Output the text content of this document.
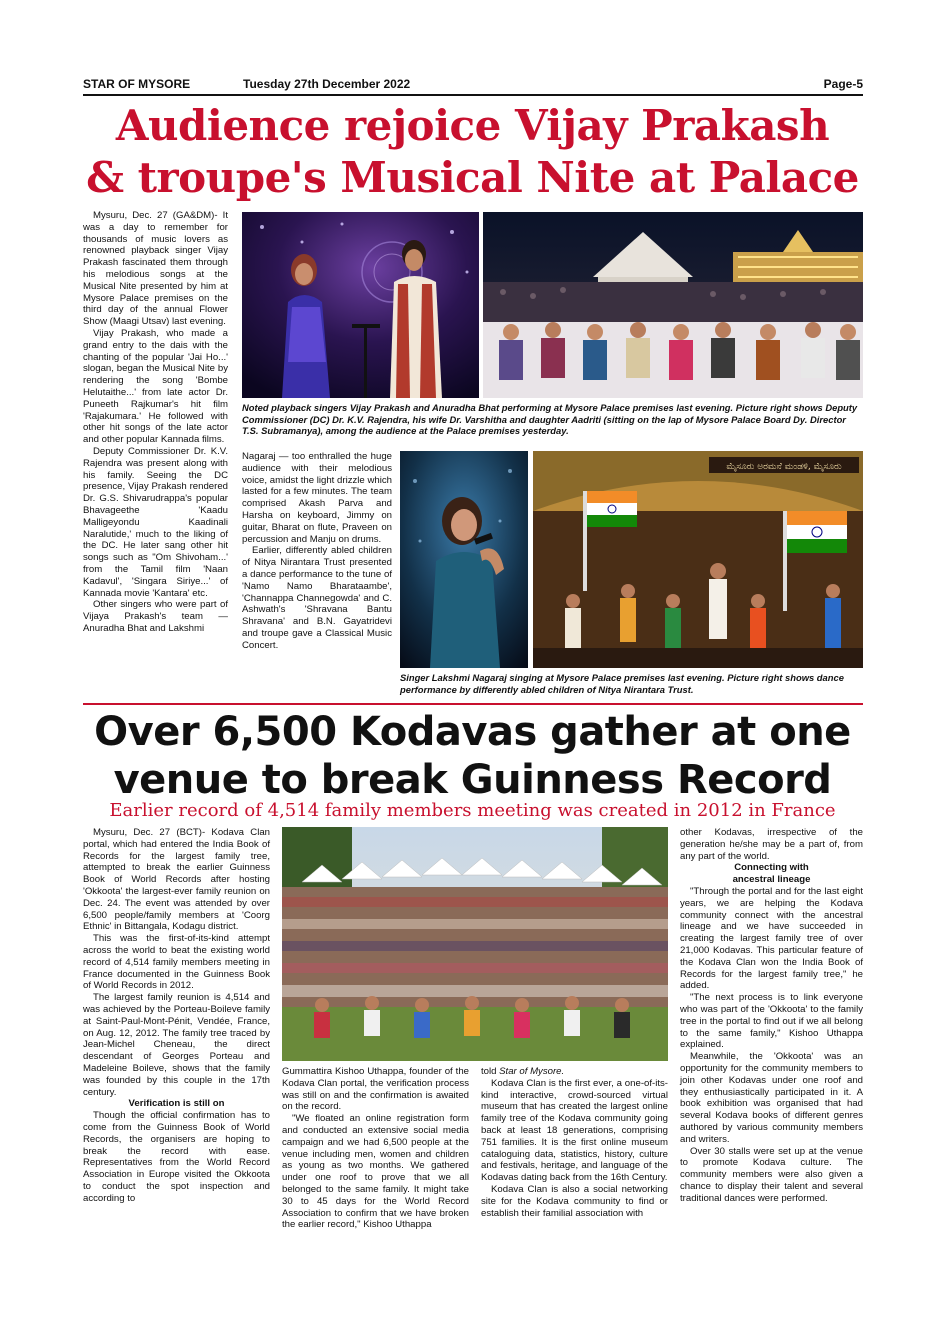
STAR OF MYSORE	Tuesday 27th December 2022	Page-5
Audience rejoice Vijay Prakash
& troupe's Musical Nite at Palace

Mysuru, Dec. 27 (GA&DM)- It was a day to remember for thousands of music lovers as renowned playback singer Vijay Prakash fascinated them through his melodious songs at the Musical Nite presented by him at Mysore Palace premises on the third day of the annual Flower Show (Maagi Utsav) last evening.

Vijay Prakash, who made a grand entry to the dais with the chanting of the popular 'Jai Ho...' slogan, began the Musical Nite by rendering the song 'Bombe Helutaithe...' from late actor Dr. Puneeth Rajkumar's hit film 'Rajakumara.' He followed with other hit songs of the late actor and other popular Kannada films.

Deputy Commissioner Dr. K.V. Rajendra was present along with his family. Seeing the DC presence, Vijay Prakash rendered Dr. G.S. Shivarudrappa's popular Bhavageethe 'Kaadu Malligeyondu Kaadinali Naralutide,' much to the liking of the DC. He later sang other hit songs such as "Om Shivoham...' from the Tamil film 'Naan Kadavul', 'Singara Siriye...' of Kannada movie 'Kantara' etc.

Other singers who were part of Vijaya Prakash's team — Anuradha Bhat and Lakshmi

Noted playback singers Vijay Prakash and Anuradha Bhat performing at Mysore Palace premises last evening. Picture right shows Deputy Commissioner (DC) Dr. K.V. Rajendra, his wife Dr. Varshitha and daughter Aadriti (sitting on the lap of Mysore Palace Board Dy. Director T.S. Subramanya), among the audience at the Palace premises yesterday.

Nagaraj — too enthralled the huge audience with their melodious voice, amidst the light drizzle which lasted for a few minutes. The team comprised Akash Parva and Harsha on keyboard, Jimmy on guitar, Bharat on flute, Praveen on percussion and Manju on drums.

Earlier, differently abled children of Nitya Nirantara Trust presented a dance performance to the tune of 'Namo Namo Bharataambe', 'Channappa Channegowda' and C. Ashwath's 'Shravana Bantu Shravana' and B.N. Gayatridevi and troupe gave a Classical Music Concert.

ಮೈಸೂರು ಅರಮನೆ ಮಂಡಳಿ, ಮೈಸೂರು
Singer Lakshmi Nagaraj singing at Mysore Palace premises last evening. Picture right shows dance performance by differently abled children of Nitya Nirantara Trust.
Over 6,500 Kodavas gather at one
venue to break Guinness Record
Earlier record of 4,514 family members meeting was created in 2012 in France

Mysuru, Dec. 27 (BCT)- Kodava Clan portal, which had entered the India Book of Records for the largest family tree, attempted to break the earlier Guinness Book of World Records after hosting 'Okkoota' the largest-ever family reunion on Dec. 24. The event was attended by over 6,500 people/family members at 'Coorg Ethnic' in Bittangala, Kodagu district.

This was the first-of-its-kind attempt across the world to beat the existing world record of 4,514 family members meeting in France documented in the Guinness Book of World Records in 2012.

The largest family reunion is 4,514 and was achieved by the Porteau-Boileve family at Saint-Paul-Mont-Pénit, Vendée, France, on Aug. 12, 2012. The family tree traced by Jean-Michel Cheneau, the direct descendant of Georges Porteau and Madeleine Boileve, shows that the family was founded by this couple in the 17th century.

Verification is still on

Though the official confirmation has to come from the Guinness Book of World Records, the organisers are hoping to break the record with ease. Representatives from the World Record Association in Europe visited the Okkoota to conduct the spot inspection and according to

Gummattira Kishoo Uthappa, founder of the Kodava Clan portal, the verification process was still on and the confirmation is awaited on the record.

"We floated an online registration form and conducted an extensive social media campaign and we had 6,500 people at the venue including men, women and children as young as two months. We gathered under one roof to prove that we all belonged to the same family. It might take 30 to 45 days for the World Record Association to confirm that we have broken the earlier record," Kishoo Uthappa

told Star of Mysore.

Kodava Clan is the first ever, a one-of-its-kind interactive, crowd-sourced virtual museum that has created the largest online family tree of the Kodava community going back at least 18 generations, comprising 751 families. It is the first online museum cataloguing data, statistics, history, culture and festivals, heritage, and language of the Kodavas dating back from the 16th Century.

Kodava Clan is also a social networking site for the Kodava community to find or establish their familial association with

other Kodavas, irrespective of the generation he/she may be a part of, from any part of the world.

Connecting with

ancestral lineage

"Through the portal and for the last eight years, we are helping the Kodava community connect with the ancestral lineage and we have succeeded in creating the largest family tree of over 21,000 Kodavas. This particular feature of the Kodava Clan won the India Book of Records for the largest family tree," he added.

"The next process is to link everyone who was part of the 'Okkoota' to the family tree in the portal to find out if we all belong to the same family," Kishoo Uthappa explained.

Meanwhile, the 'Okkoota' was an opportunity for the community members to join other Kodavas under one roof and they enthusiastically participated in it. A book exhibition was organised that had several Kodava books of different genres authored by various community members and writers.

Over 30 stalls were set up at the venue to promote Kodava culture. The community members were also given a chance to display their talent and several traditional dances were performed.
